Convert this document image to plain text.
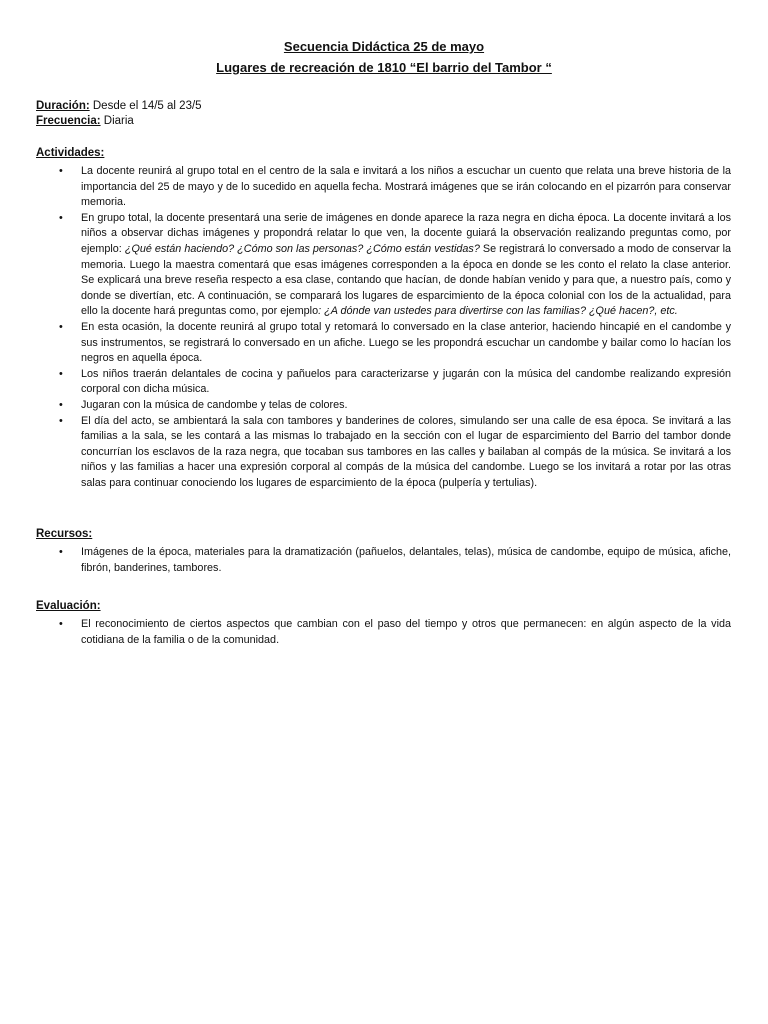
Secuencia Didáctica 25 de mayo
Lugares de recreación de 1810 “El barrio del Tambor “
Duración: Desde el 14/5 al 23/5
Frecuencia: Diaria
Actividades:
•	La docente reunirá al grupo total en el centro de la sala e invitará a los niños a escuchar un cuento que relata una breve historia de la importancia del 25 de mayo y de lo sucedido en aquella fecha. Mostrará imágenes que se irán colocando en el pizarrón para conservar memoria.
•	En grupo total, la docente presentará una serie de imágenes en donde aparece la raza negra en dicha época. La docente invitará a los niños a observar dichas imágenes y propondrá relatar lo que ven, la docente guiará la observación realizando preguntas como, por ejemplo: ¿Qué están haciendo? ¿Cómo son las personas? ¿Cómo están vestidas? Se registrará lo conversado a modo de conservar la memoria. Luego la maestra comentará que esas imágenes corresponden a la época en donde se les conto el relato la clase anterior. Se explicará una breve reseña respecto a esa clase, contando que hacían, de donde habían venido y para que, a nuestro país, como y donde se divertían, etc. A continuación, se comparará los lugares de esparcimiento de la época colonial con los de la actualidad, para ello la docente hará preguntas como, por ejemplo: ¿A dónde van ustedes para divertirse con las familias? ¿Qué hacen?, etc.
•	En esta ocasión, la docente reunirá al grupo total y retomará lo conversado en la clase anterior, haciendo hincapié en el candombe y sus instrumentos, se registrará lo conversado en un afiche. Luego se les propondrá escuchar un candombe y bailar como lo hacían los negros en aquella época.
•	Los niños traerán delantales de cocina y pañuelos para caracterizarse y jugarán con la música del candombe realizando expresión corporal con dicha música.
•	Jugaran con la música de candombe y telas de colores.
•	El día del acto, se ambientará la sala con tambores y banderines de colores, simulando ser una calle de esa época. Se invitará a las familias a la sala, se les contará a las mismas lo trabajado en la sección con el lugar de esparcimiento del Barrio del tambor donde concurrían los esclavos de la raza negra, que tocaban sus tambores en las calles y bailaban al compás de la música. Se invitará a los niños y las familias a hacer una expresión corporal al compás de la música del candombe. Luego se los invitará a rotar por las otras salas para continuar conociendo los lugares de esparcimiento de la época (pulpería y tertulias).
Recursos:
•	Imágenes de la época, materiales para la dramatización (pañuelos, delantales, telas), música de candombe, equipo de música, afiche, fibrón, banderines, tambores.
Evaluación:
•	El reconocimiento de ciertos aspectos que cambian con el paso del tiempo y otros que permanecen: en algún aspecto de la vida cotidiana de la familia o de la comunidad.
